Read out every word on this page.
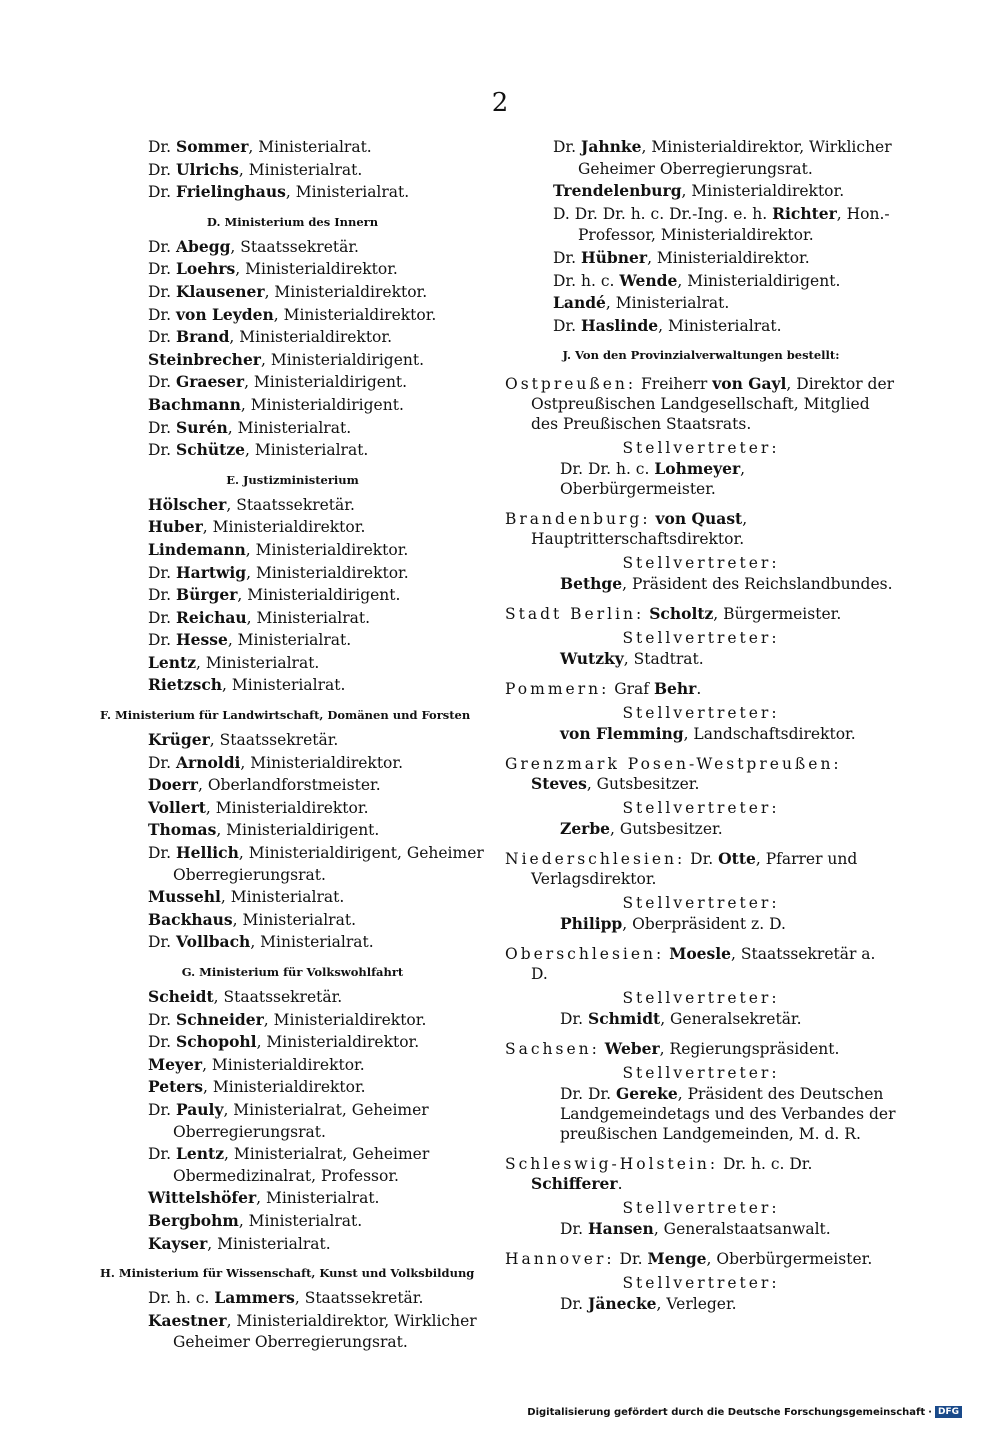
2
Dr. Sommer, Ministerialrat.
Dr. Ulrichs, Ministerialrat.
Dr. Frielinghaus, Ministerialrat.
D. Ministerium des Innern
Dr. Abegg, Staatssekretär.
Dr. Loehrs, Ministerialdirektor.
Dr. Klausener, Ministerialdirektor.
Dr. von Leyden, Ministerialdirektor.
Dr. Brand, Ministerialdirektor.
Steinbrecher, Ministerialdirigent.
Dr. Graeser, Ministerialdirigent.
Bachmann, Ministerialdirigent.
Dr. Surén, Ministerialrat.
Dr. Schütze, Ministerialrat.
E. Justizministerium
Hölscher, Staatssekretär.
Huber, Ministerialdirektor.
Lindemann, Ministerialdirektor.
Dr. Hartwig, Ministerialdirektor.
Dr. Bürger, Ministerialdirigent.
Dr. Reichau, Ministerialrat.
Dr. Hesse, Ministerialrat.
Lentz, Ministerialrat.
Rietzsch, Ministerialrat.
F. Ministerium für Landwirtschaft, Domänen und Forsten
Krüger, Staatssekretär.
Dr. Arnoldi, Ministerialdirektor.
Doerr, Oberlandforstmeister.
Vollert, Ministerialdirektor.
Thomas, Ministerialdirigent.
Dr. Hellich, Ministerialdirigent, Geheimer Oberregierungsrat.
Mussehl, Ministerialrat.
Backhaus, Ministerialrat.
Dr. Vollbach, Ministerialrat.
G. Ministerium für Volkswohlfahrt
Scheidt, Staatssekretär.
Dr. Schneider, Ministerialdirektor.
Dr. Schopohl, Ministerialdirektor.
Meyer, Ministerialdirektor.
Peters, Ministerialdirektor.
Dr. Pauly, Ministerialrat, Geheimer Oberregierungsrat.
Dr. Lentz, Ministerialrat, Geheimer Obermedizinalrat, Professor.
Wittelshöfer, Ministerialrat.
Bergbohm, Ministerialrat.
Kayser, Ministerialrat.
H. Ministerium für Wissenschaft, Kunst und Volksbildung
Dr. h. c. Lammers, Staatssekretär.
Kaestner, Ministerialdirektor, Wirklicher Geheimer Oberregierungsrat.
Dr. Jahnke, Ministerialdirektor, Wirklicher Geheimer Oberregierungsrat.
Trendelenburg, Ministerialdirektor.
D. Dr. Dr. h. c. Dr.-Ing. e. h. Richter, Hon.-Professor, Ministerialdirektor.
Dr. Hübner, Ministerialdirektor.
Dr. h. c. Wende, Ministerialdirigent.
Landé, Ministerialrat.
Dr. Haslinde, Ministerialrat.
J. Von den Provinzialverwaltungen bestellt:
Ostpreußen: Freiherr von Gayl, Direktor der Ostpreußischen Landgesellschaft, Mitglied des Preußischen Staatsrats.
Stellvertreter:
Dr. Dr. h. c. Lohmeyer, Oberbürgermeister.
Brandenburg: von Quast, Hauptritterschaftsdirektor.
Stellvertreter:
Bethge, Präsident des Reichslandbundes.
Stadt Berlin: Scholtz, Bürgermeister.
Stellvertreter:
Wutzky, Stadtrat.
Pommern: Graf Behr.
Stellvertreter:
von Flemming, Landschaftsdirektor.
Grenzmark Posen-Westpreußen: Steves, Gutsbesitzer.
Stellvertreter:
Zerbe, Gutsbesitzer.
Niederschlesien: Dr. Otte, Pfarrer und Verlagsdirektor.
Stellvertreter:
Philipp, Oberpräsident z. D.
Oberschlesien: Moesle, Staatssekretär a. D.
Stellvertreter:
Dr. Schmidt, Generalsekretär.
Sachsen: Weber, Regierungspräsident.
Stellvertreter:
Dr. Dr. Gereke, Präsident des Deutschen Landgemeindetags und des Verbandes der preußischen Landgemeinden, M. d. R.
Schleswig-Holstein: Dr. h. c. Dr. Schifferer.
Stellvertreter:
Dr. Hansen, Generalstaatsanwalt.
Hannover: Dr. Menge, Oberbürgermeister.
Stellvertreter:
Dr. Jänecke, Verleger.
Digitalisierung gefördert durch die Deutsche Forschungsgemeinschaft · DFG
